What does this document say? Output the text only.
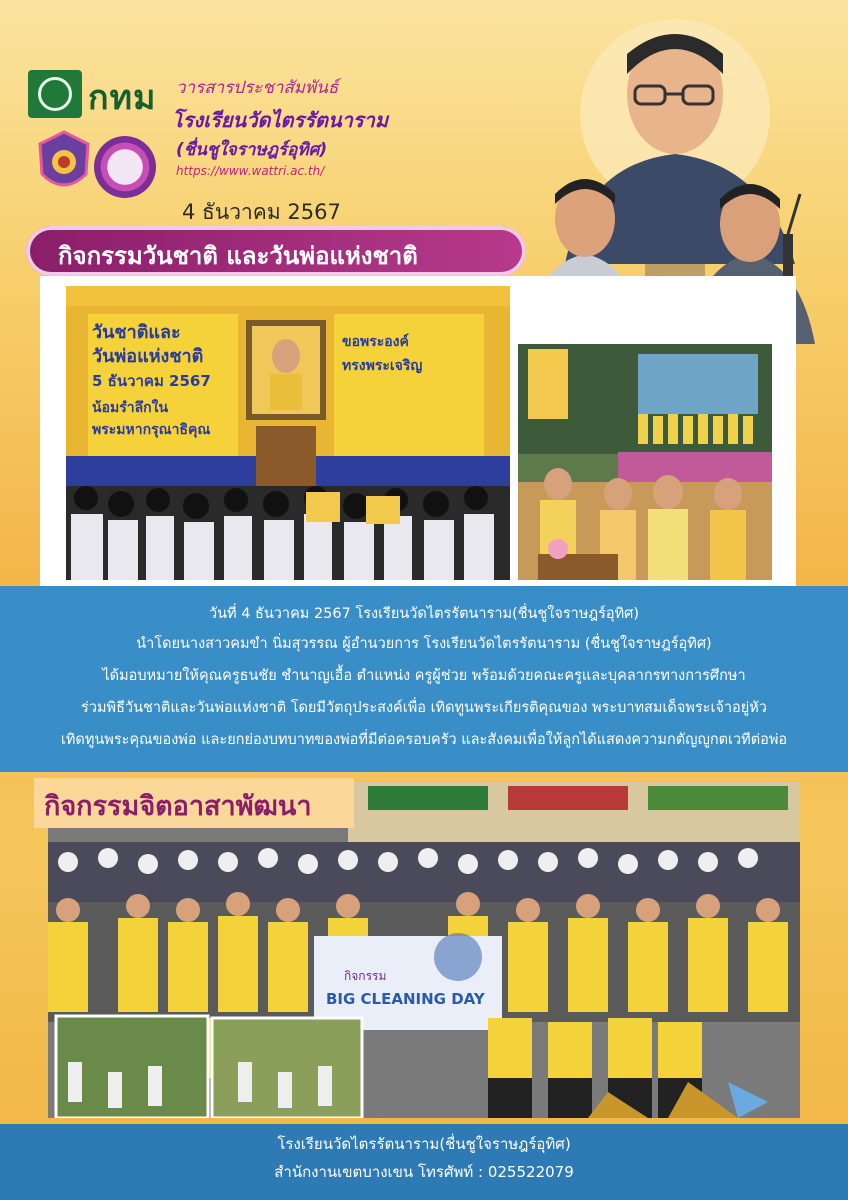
กทม วารสารประชาสัมพันธ์
โรงเรียนวัดไตรรัตนาราม
(ชื่นชูใจราษฎร์อุทิศ)
https://www.wattri.ac.th/
4 ธันวาคม 2567
กิจกรรมวันชาติ และวันพ่อแห่งชาติ
วันชาติและ
วันพ่อแห่งชาติ
5 ธันวาคม 2567
น้อมรำลึกใน
พระมหากรุณาธิคุณ
ขอพระองค์
ทรงพระเจริญ

วันที่ 4 ธันวาคม 2567 โรงเรียนวัดไตรรัตนาราม(ชื่นชูใจราษฎร์อุทิศ)

นำโดยนางสาวคมขำ นิ่มสุวรรณ ผู้อำนวยการ โรงเรียนวัดไตรรัตนาราม (ชื่นชูใจราษฎร์อุทิศ)

ได้มอบหมายให้คุณครูธนชัย ชำนาญเอื้อ ตำแหน่ง ครูผู้ช่วย พร้อมด้วยคณะครูและบุคลากรทางการศึกษา

ร่วมพิธีวันชาติและวันพ่อแห่งชาติ โดยมีวัตถุประสงค์เพื่อ เทิดทูนพระเกียรติคุณของ พระบาทสมเด็จพระเจ้าอยู่หัว

เทิดทูนพระคุณของพ่อ และยกย่องบทบาทของพ่อที่มีต่อครอบครัว และสังคมเพื่อให้ลูกได้แสดงความกตัญญูกตเวทีต่อพ่อ

กิจกรรม
BIG CLEANING DAY
กิจกรรมจิตอาสาพัฒนา
โรงเรียนวัดไตรรัตนาราม(ชื่นชูใจราษฎร์อุทิศ)
สำนักงานเขตบางเขน โทรศัพท์ : 025522079
